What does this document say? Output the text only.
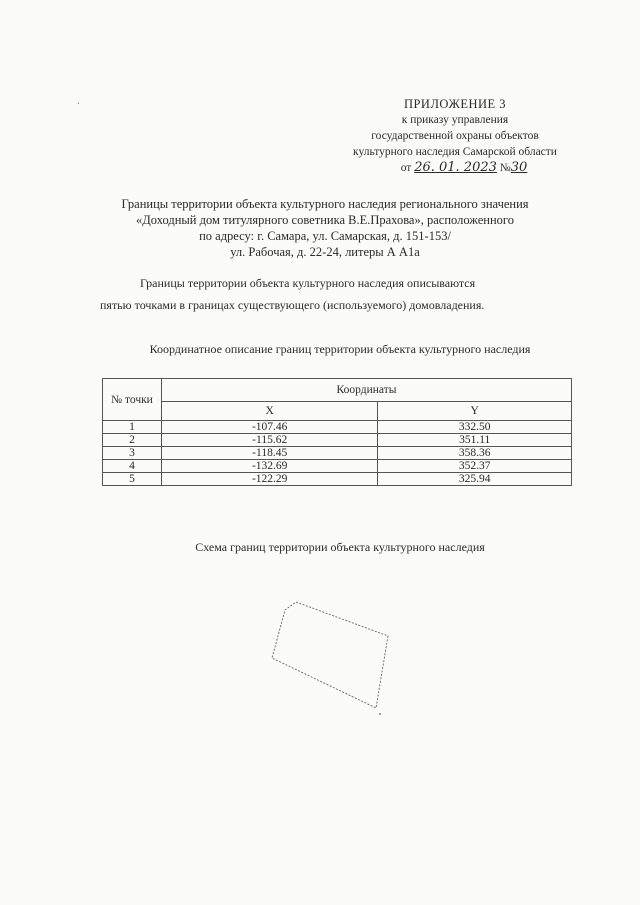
ПРИЛОЖЕНИЕ 3
к приказу управления
государственной охраны объектов
культурного наследия Самарской области
от 26. 01. 2023 №30
Границы территории объекта культурного наследия регионального значения
«Доходный дом титулярного советника В.Е.Прахова», расположенного
по адресу: г. Самара, ул. Самарская, д. 151-153/
ул. Рабочая, д. 22-24, литеры А А1а
Границы территории объекта культурного наследия описываются
пятью точками в границах существующего (используемого) домовладения.
Координатное описание границ территории объекта культурного наследия
№ точки	Координаты	
	X	Y
1	-107.46	332.50
2	-115.62	351.11
3	-118.45	358.36
4	-132.69	352.37
5	-122.29	325.94
Схема границ территории объекта культурного наследия
